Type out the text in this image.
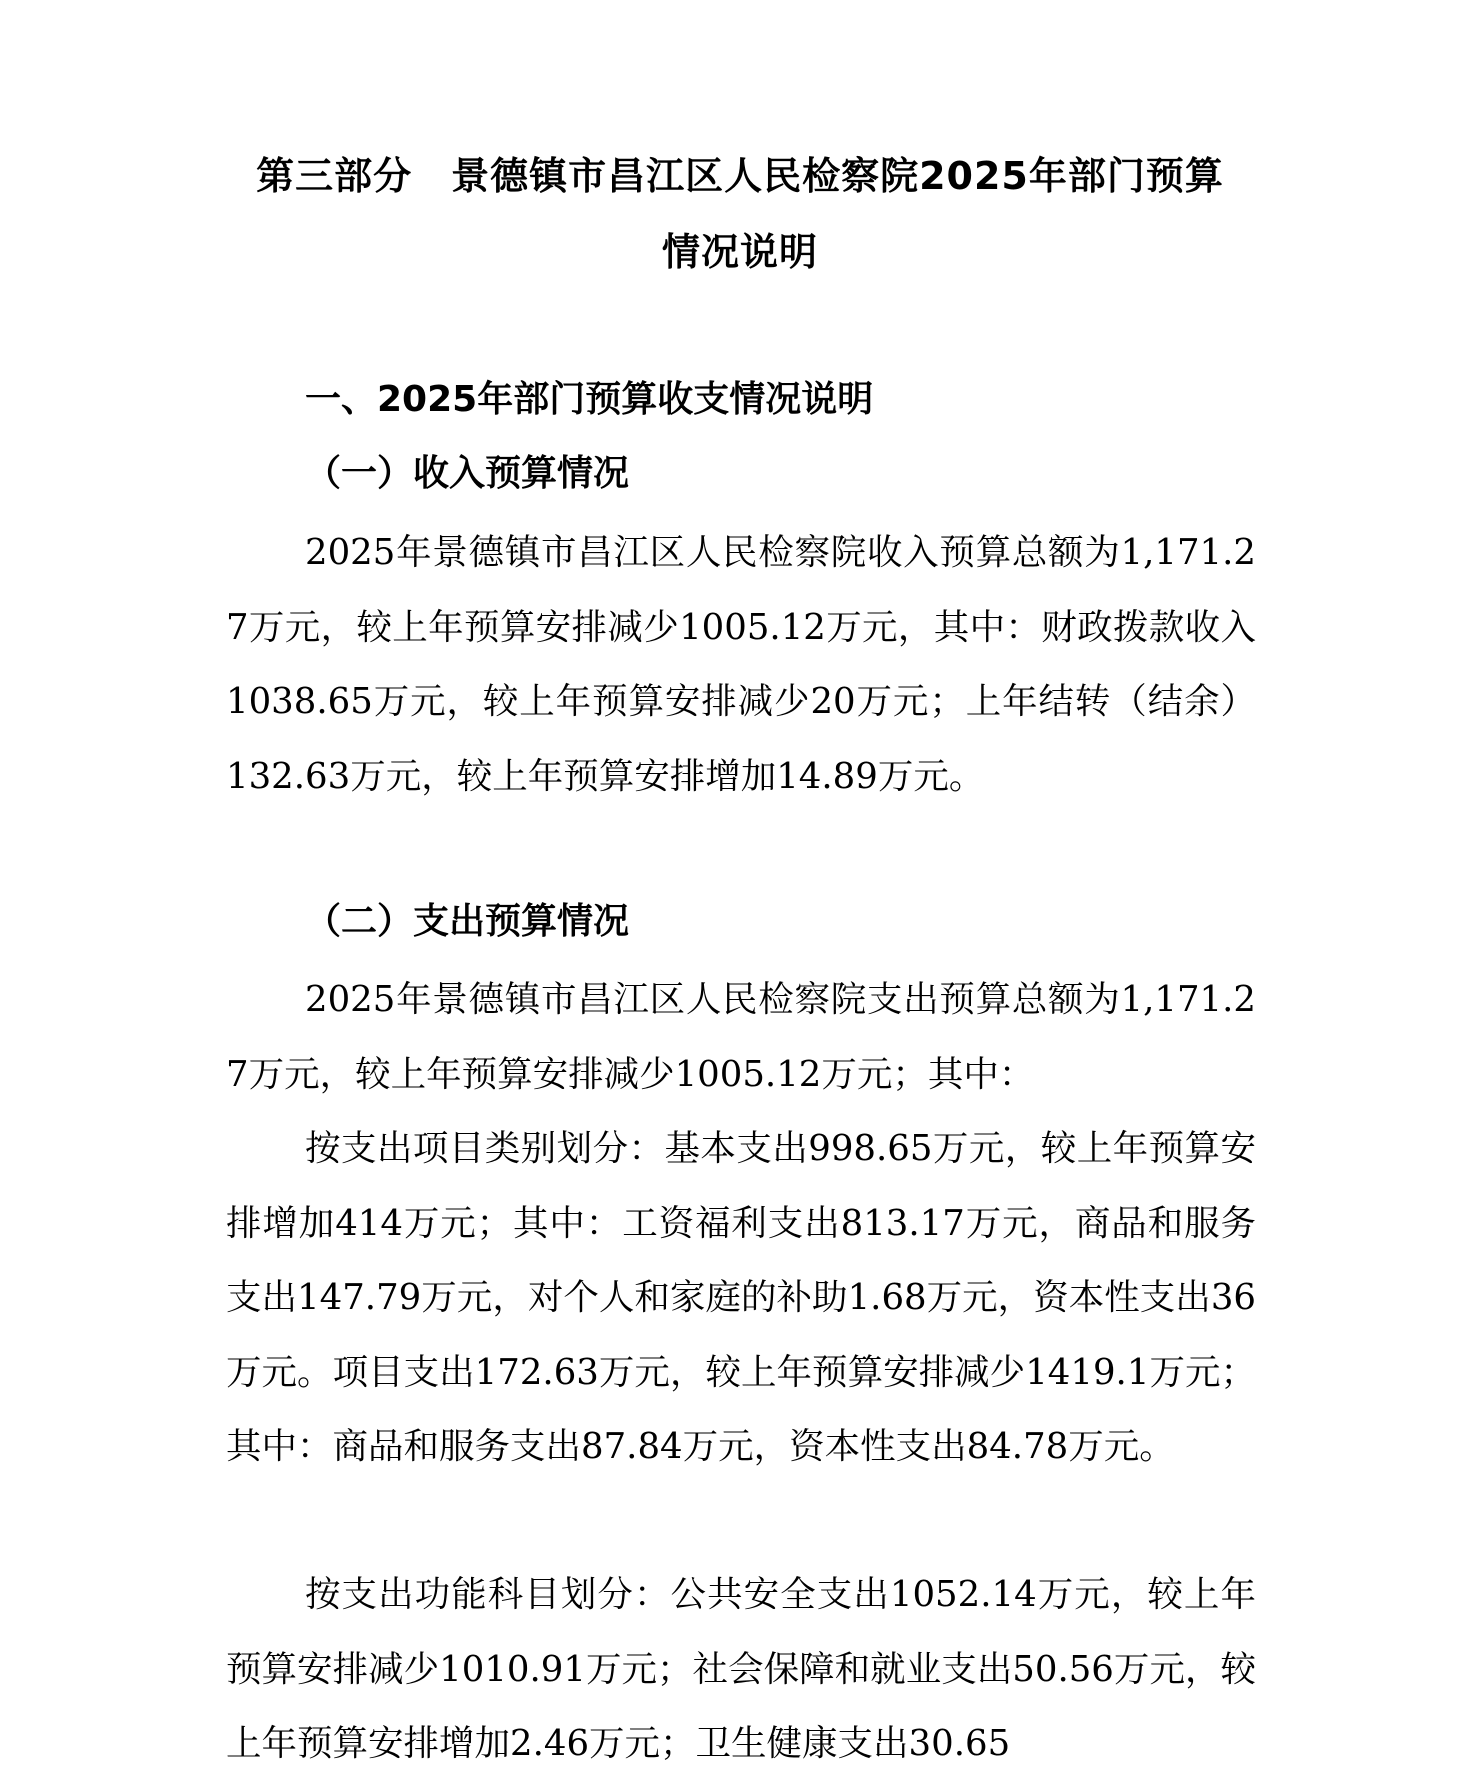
第三部分　景德镇市昌江区人民检察院2025年部门预算
情况说明
一、2025年部门预算收支情况说明
（一）收入预算情况
2025年景德镇市昌江区人民检察院收入预算总额为1,171.27万元，较上年预算安排减少1005.12万元，其中：财政拨款收入1038.65万元，较上年预算安排减少20万元；上年结转（结余）132.63万元，较上年预算安排增加14.89万元。
（二）支出预算情况
2025年景德镇市昌江区人民检察院支出预算总额为1,171.27万元，较上年预算安排减少1005.12万元；其中：
按支出项目类别划分：基本支出998.65万元，较上年预算安排增加414万元；其中：工资福利支出813.17万元，商品和服务支出147.79万元，对个人和家庭的补助1.68万元，资本性支出36万元。项目支出172.63万元，较上年预算安排减少1419.1万元；其中：商品和服务支出87.84万元，资本性支出84.78万元。
按支出功能科目划分：公共安全支出1052.14万元，较上年预算安排减少1010.91万元；社会保障和就业支出50.56万元，较上年预算安排增加2.46万元；卫生健康支出30.65
